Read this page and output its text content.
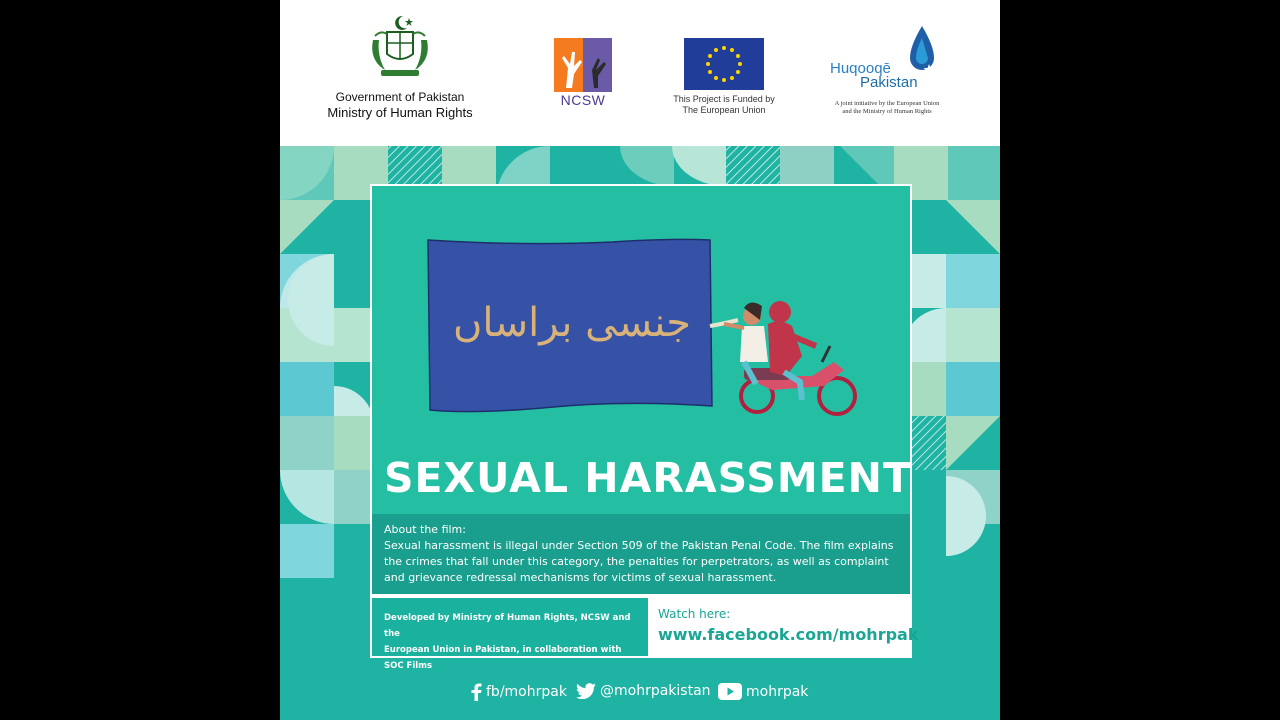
Government of Pakistan
Ministry of Human Rights
NCSW	This Project is Funded by
The European Union
Huqooqē
Pakistan
A joint initiative by the European Union
and the Ministry of Human Rights
جنسی براساں
SEXUAL HARASSMENT
About the film:
Sexual harassment is illegal under Section 509 of the Pakistan Penal Code. The film explains the crimes that fall under this category, the penalties for perpetrators, as well as complaint and grievance redressal mechanisms for victims of sexual harassment.
Developed by Ministry of Human Rights, NCSW and the
European Union in Pakistan, in collaboration with SOC Films
Watch here:
www.facebook.com/mohrpak
fb/mohrpak @mohrpakistan	mohrpak
